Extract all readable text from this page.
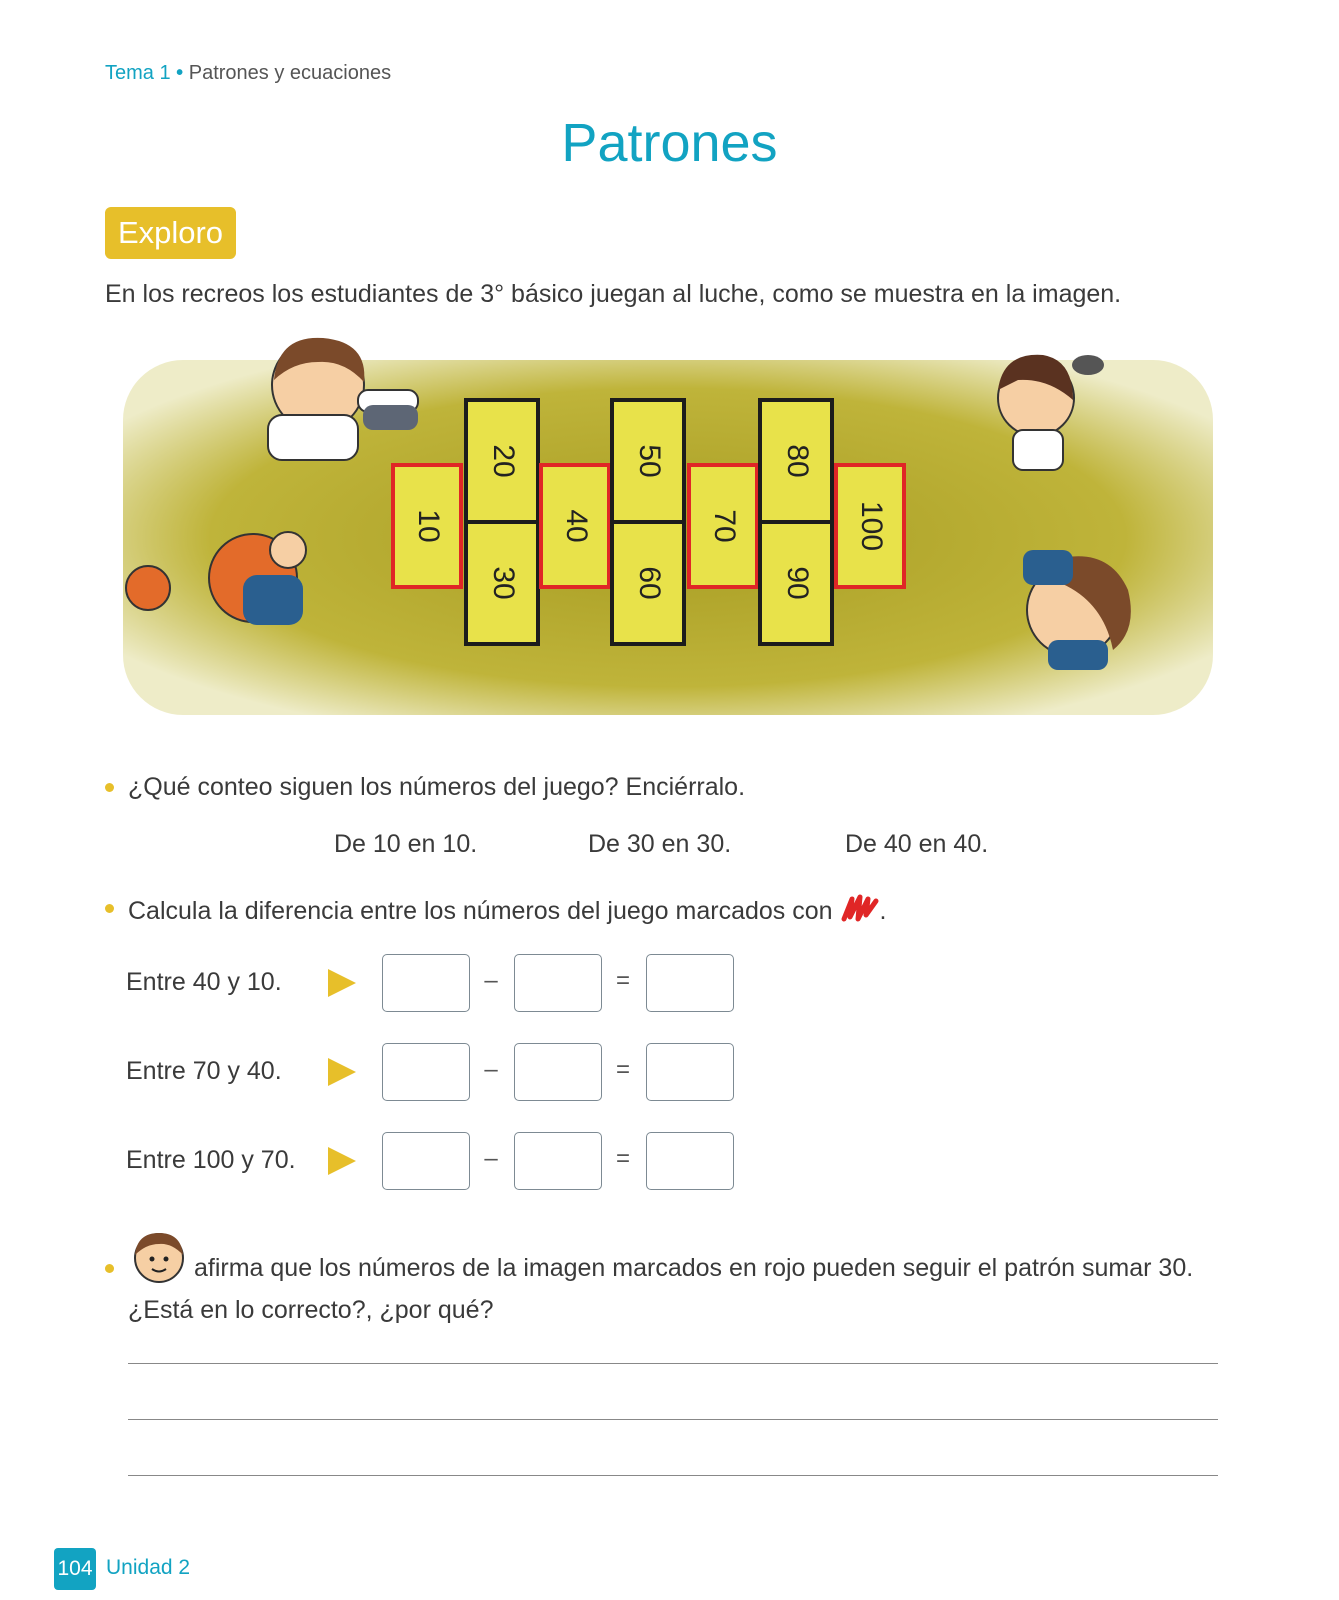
Tema 1 • Patrones y ecuaciones
Patrones
Exploro
En los recreos los estudiantes de 3° básico juegan al luche, como se muestra en la imagen.
10
20
30
40
50
60
70
80
90
100
¿Qué conteo siguen los números del juego? Enciérralo.
De 10 en 10.	De 30 en 30.	De 40 en 40.
Calcula la diferencia entre los números del juego marcados con .
Entre 40 y 10.	–	=
Entre 70 y 40.	–	=
Entre 100 y 70.	–	=
afirma que los números de la imagen marcados en rojo pueden seguir el patrón sumar 30.
¿Está en lo correcto?, ¿por qué?
104 Unidad 2
